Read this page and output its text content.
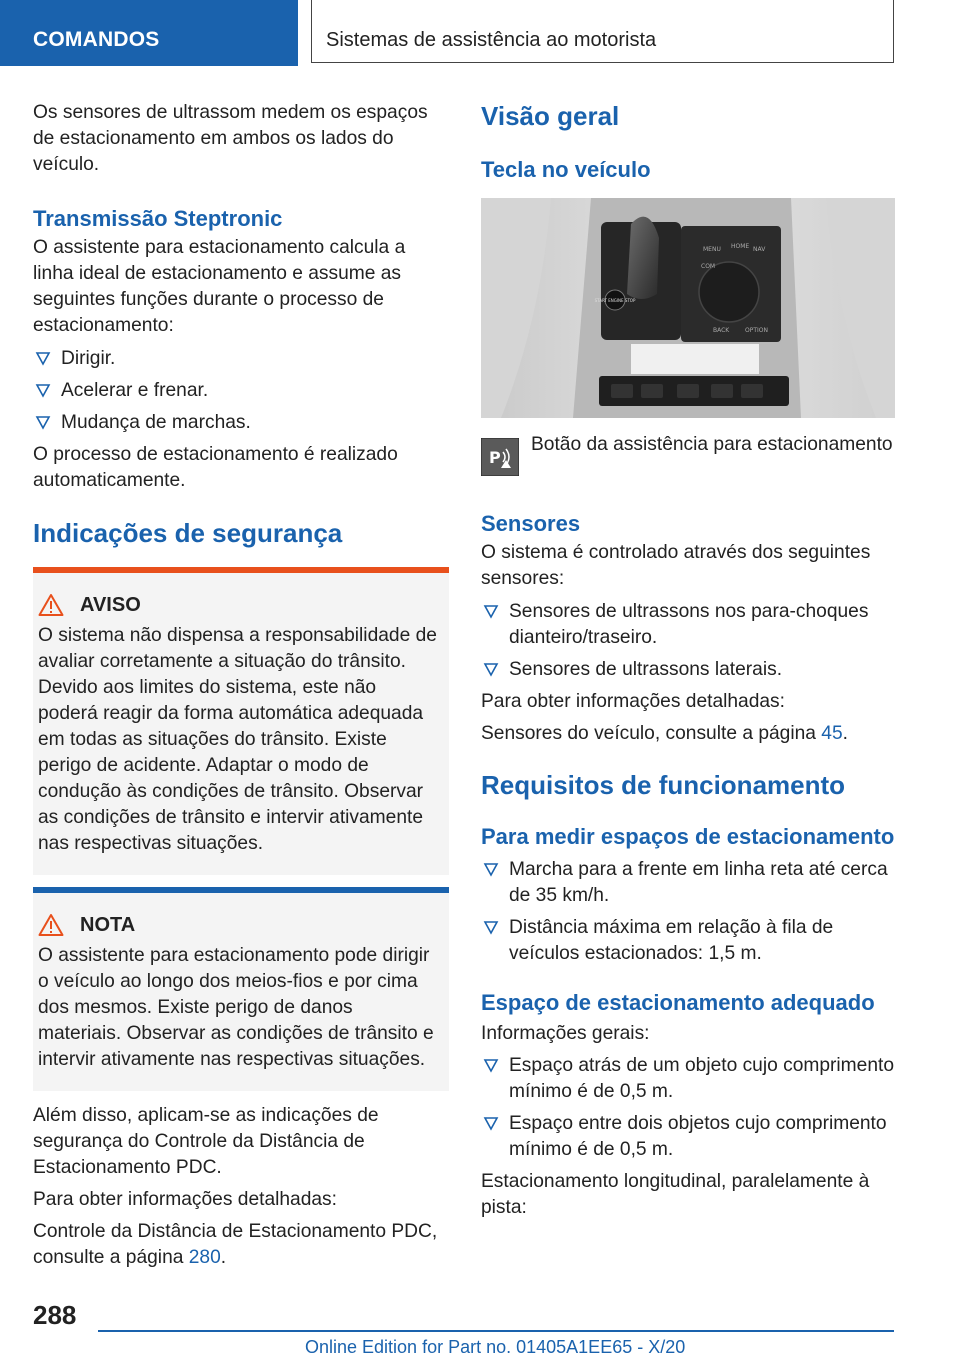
COMANDOS	Sistemas de assistência ao motorista

Os sensores de ultrassom medem os espaços de estacionamento em ambos os lados do veículo.

Transmissão Steptronic

O assistente para estacionamento calcula a linha ideal de estacionamento e assume as seguintes funções durante o processo de estacionamento:

Dirigir.
Acelerar e frenar.
Mudança de marchas.

O processo de estacionamento é realizado automaticamente.

Indicações de segurança
AVISO

O sistema não dispensa a responsabilidade de avaliar corretamente a situação do trânsito. Devido aos limites do sistema, este não poderá reagir da forma automática adequada em todas as situações do trânsito. Existe perigo de acidente. Adaptar o modo de condução às condições de trânsito. Observar as condições de trânsito e intervir ativamente nas respectivas situações.

NOTA

O assistente para estacionamento pode dirigir o veículo ao longo dos meios-fios e por cima dos mesmos. Existe perigo de danos materiais. Observar as condições de trânsito e intervir ativamente nas respectivas situações.

Além disso, aplicam-se as indicações de segurança do Controle da Distância de Estacionamento PDC.

Para obter informações detalhadas:

Controle da Distância de Estacionamento PDC, consulte a página 280.

Visão geral
Tecla no veículo
START ENGINE STOP
MENU HOME NAV
COM
BACK	OPTION
P

Botão da assistência para estacionamento

Sensores

O sistema é controlado através dos seguintes sensores:

Sensores de ultrassons nos para-choques dianteiro/traseiro.
Sensores de ultrassons laterais.

Para obter informações detalhadas:

Sensores do veículo, consulte a página 45.

Requisitos de funcionamento
Para medir espaços de estacionamento
Marcha para a frente em linha reta até cerca de 35 km/h.
Distância máxima em relação à fila de veículos estacionados: 1,5 m.
Espaço de estacionamento adequado

Informações gerais:

Espaço atrás de um objeto cujo comprimento mínimo é de 0,5 m.
Espaço entre dois objetos cujo comprimento mínimo é de 0,5 m.

Estacionamento longitudinal, paralelamente à pista:

288
Online Edition for Part no. 01405A1EE65 - X/20
